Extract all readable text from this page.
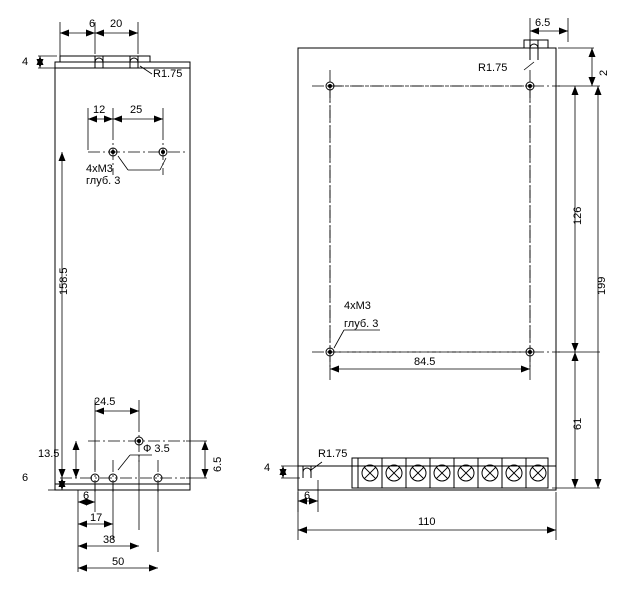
6 20
4
R1.75
12 25
4xM3
глуб. 3
158.5
24.5
Ф 3.5
13.5
6
6.5
6
17
38
50
6.5
R1.75	2
126
199
4xM3
глуб. 3
84.5
61
R1.75
4
6
110
